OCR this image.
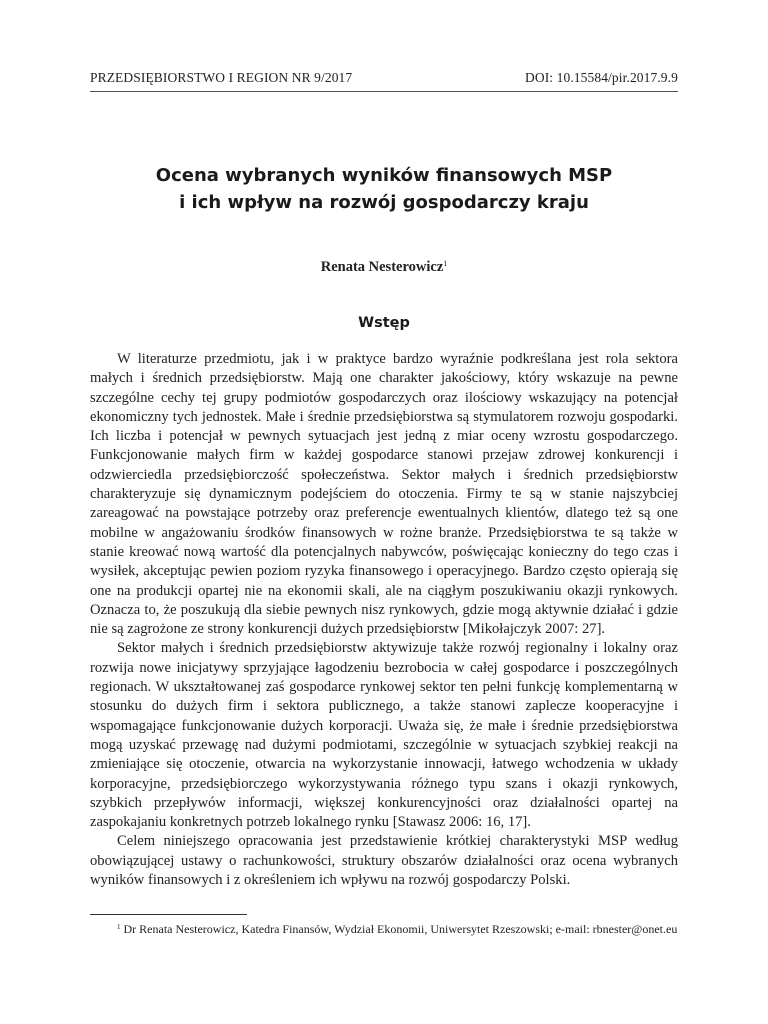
PRZEDSIĘBIORSTWO I REGION NR 9/2017	DOI: 10.15584/pir.2017.9.9
Ocena wybranych wyników finansowych MSP
i ich wpływ na rozwój gospodarczy kraju
Renata Nesterowicz$^1$
Wstęp

W literaturze przedmiotu, jak i w praktyce bardzo wyraźnie podkreślana jest rola sektora małych i średnich przedsiębiorstw. Mają one charakter jakościowy, który wskazuje na pewne szczególne cechy tej grupy podmiotów gospodarczych oraz ilościowy wskazujący na potencjał ekonomiczny tych jednostek. Małe i średnie przedsiębiorstwa są stymulatorem rozwoju gospodarki. Ich liczba i potencjał w pewnych sytuacjach jest jedną z miar oceny wzrostu gospodarczego. Funkcjonowanie małych firm w każdej gospodarce stanowi przejaw zdrowej konkurencji i odzwierciedla przedsiębiorczość społeczeństwa. Sektor małych i średnich przedsiębiorstw charakteryzuje się dynamicznym podejściem do otoczenia. Firmy te są w stanie najszybciej zareagować na powstające potrzeby oraz preferencje ewentualnych klientów, dlatego też są one mobilne w angażowaniu środków finansowych w rożne branże. Przedsiębiorstwa te są także w stanie kreować nową wartość dla potencjalnych nabywców, poświęcając konieczny do tego czas i wysiłek, akceptując pewien poziom ryzyka finansowego i operacyjnego. Bardzo często opierają się one na produkcji opartej nie na ekonomii skali, ale na ciągłym poszukiwaniu okazji rynkowych. Oznacza to, że poszukują dla siebie pewnych nisz rynkowych, gdzie mogą aktywnie działać i gdzie nie są zagrożone ze strony konkurencji dużych przedsiębiorstw [Mikołajczyk 2007: 27].

Sektor małych i średnich przedsiębiorstw aktywizuje także rozwój regionalny i lokalny oraz rozwija nowe inicjatywy sprzyjające łagodzeniu bezrobocia w całej gospodarce i poszczególnych regionach. W ukształtowanej zaś gospodarce rynkowej sektor ten pełni funkcję komplementarną w stosunku do dużych firm i sektora publicznego, a także stanowi zaplecze kooperacyjne i wspomagające funkcjonowanie dużych korporacji. Uważa się, że małe i średnie przedsiębiorstwa mogą uzyskać przewagę nad dużymi podmiotami, szczególnie w sytuacjach szybkiej reakcji na zmieniające się otoczenie, otwarcia na wykorzystanie innowacji, łatwego wchodzenia w układy korporacyjne, przedsiębiorczego wykorzystywania różnego typu szans i okazji rynkowych, szybkich przepływów informacji, większej konkurencyjności oraz działalności opartej na zaspokajaniu konkretnych potrzeb lokalnego rynku [Stawasz 2006: 16, 17].

Celem niniejszego opracowania jest przedstawienie krótkiej charakterystyki MSP według obowiązującej ustawy o rachunkowości, struktury obszarów działalności oraz ocena wybranych wyników finansowych i z określeniem ich wpływu na rozwój gospodarczy Polski.

$^1$ Dr Renata Nesterowicz, Katedra Finansów, Wydział Ekonomii, Uniwersytet Rzeszowski; e-mail: rbnester@onet.eu
